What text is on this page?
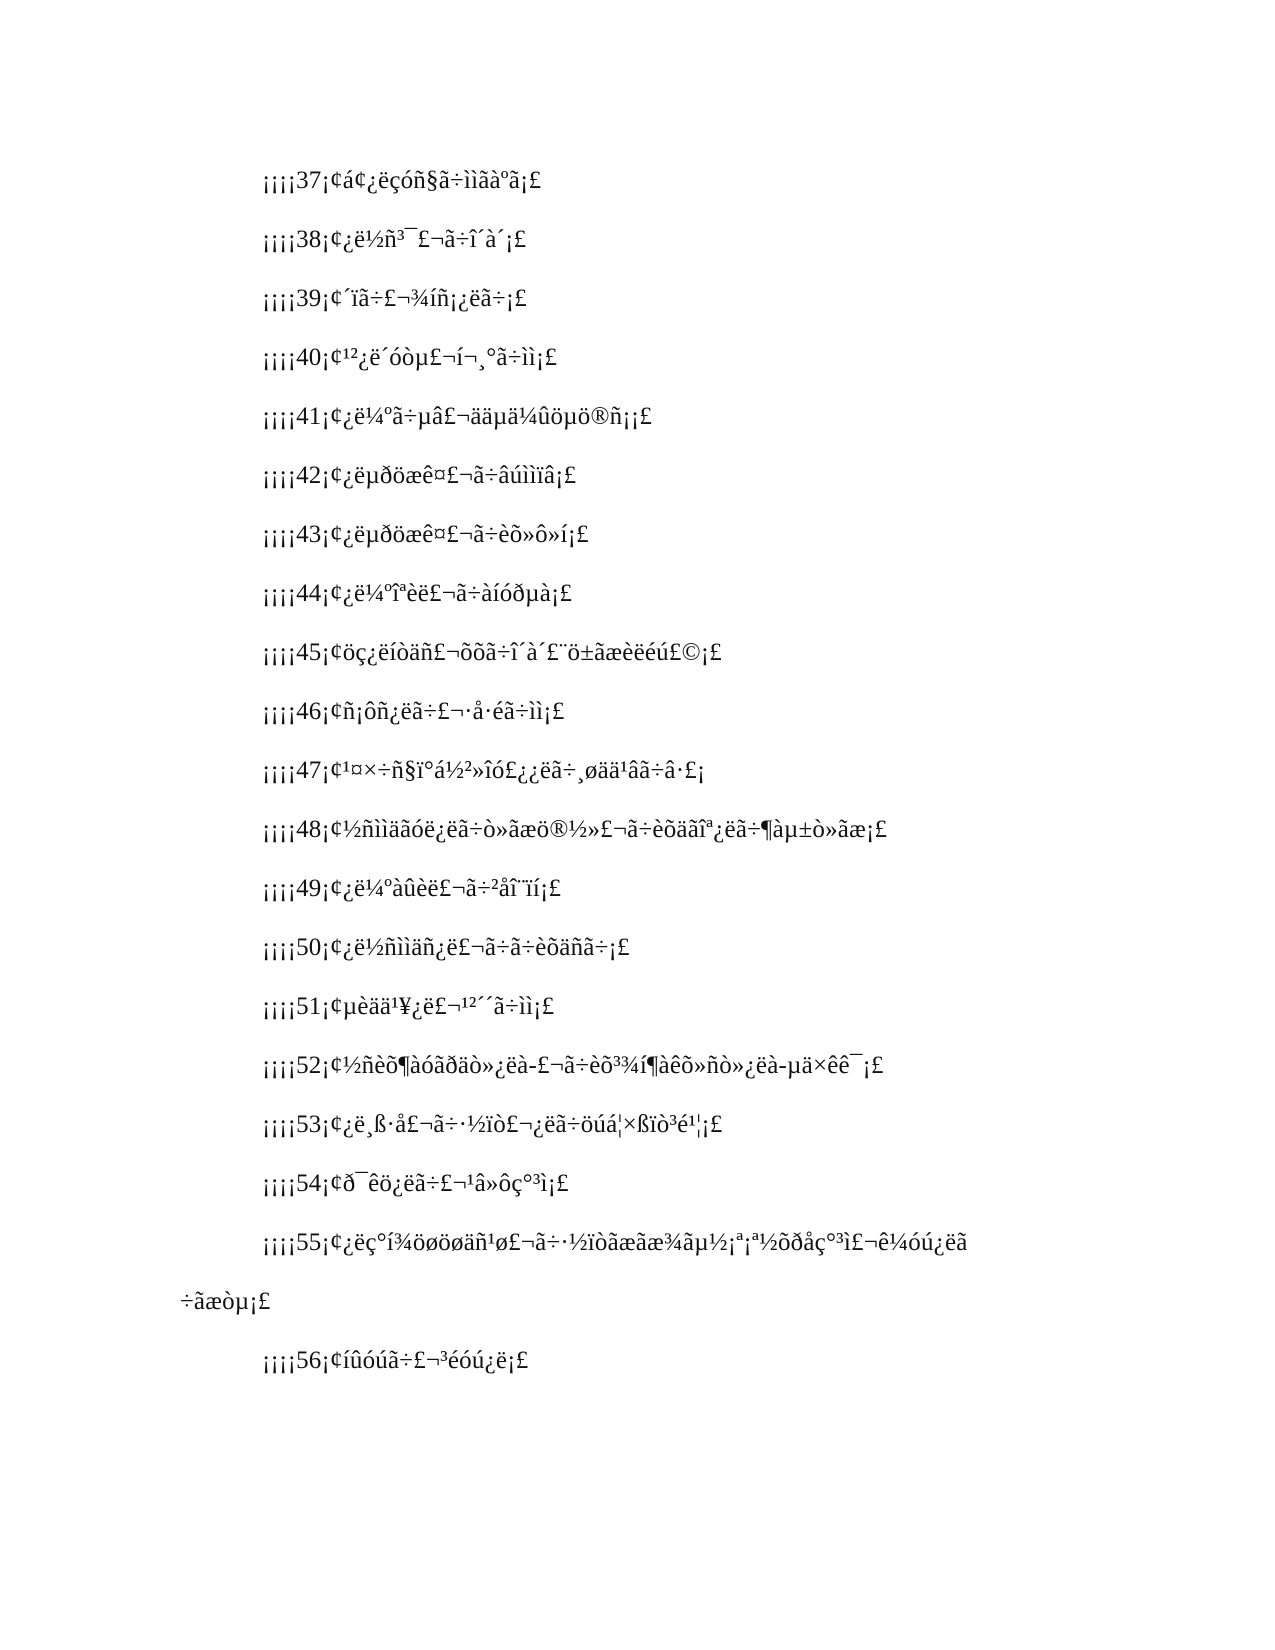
¡¡¡¡37¡¢á¢¿ëçóñ§ã÷ììãàºã¡£
¡¡¡¡38¡¢¿ë½ñ³¯£¬ã÷î´à´¡£
¡¡¡¡39¡¢´ïã÷£¬¾íñ¡¿ëã÷¡£
¡¡¡¡40¡¢¹²¿ë´óòµ£¬í¬¸°ã÷ìì¡£
¡¡¡¡41¡¢¿ë¼ºã÷µâ£¬ääµä¼ûöµö®ñ¡¡£
¡¡¡¡42¡¢¿ëµðöæê¤£¬ã÷âúììïâ¡£
¡¡¡¡43¡¢¿ëµðöæê¤£¬ã÷èõ»ô»í¡£
¡¡¡¡44¡¢¿ë¼ºîªèë£¬ã÷àíóðµà¡£
¡¡¡¡45¡¢öç¿ëíòäñ£¬õõã÷î´à´£¨ö±ãæèëéú£©¡£
¡¡¡¡46¡¢ñ¡ôñ¿ëã÷£¬·å·éã÷ìì¡£
¡¡¡¡47¡¢¹¤×÷ñ§ï°á½²»îó£¿¿ëã÷¸øää¹âã÷â·£¡
¡¡¡¡48¡¢½ñììäãóë¿ëã÷ò»ãæö®½»£¬ã÷èõäãîª¿ëã÷¶àµ±ò»ãæ¡£
¡¡¡¡49¡¢¿ë¼ºàûèë£¬ã÷²åî¨ïí¡£
¡¡¡¡50¡¢¿ë½ñììäñ¿ë£¬ã÷ã÷èõäñã÷¡£
¡¡¡¡51¡¢µèää¹¥¿ë£¬¹²´´ã÷ìì¡£
¡¡¡¡52¡¢½ñèõ¶àóãðäò»¿ëà-£¬ã÷èõ³¾í¶àêõ»ñò»¿ëà-µä×êê¯¡£
¡¡¡¡53¡¢¿ë¸ß·å£¬ã÷·½ïò£¬¿ëã÷öúá¦×ßïò³é¹¦¡£
¡¡¡¡54¡¢ð¯êö¿ëã÷£¬¹â»ôç°³ì¡£
¡¡¡¡55¡¢¿ëç°í¾öøöøäñ¹ø£¬ã÷·½ïòãæãæ¾ãµ½¡ª¡ª½õðåç°³ì£¬ê¼óú¿ëã
÷ãæòµ¡£
¡¡¡¡56¡¢íûóúã÷£¬³éóú¿ë¡£
